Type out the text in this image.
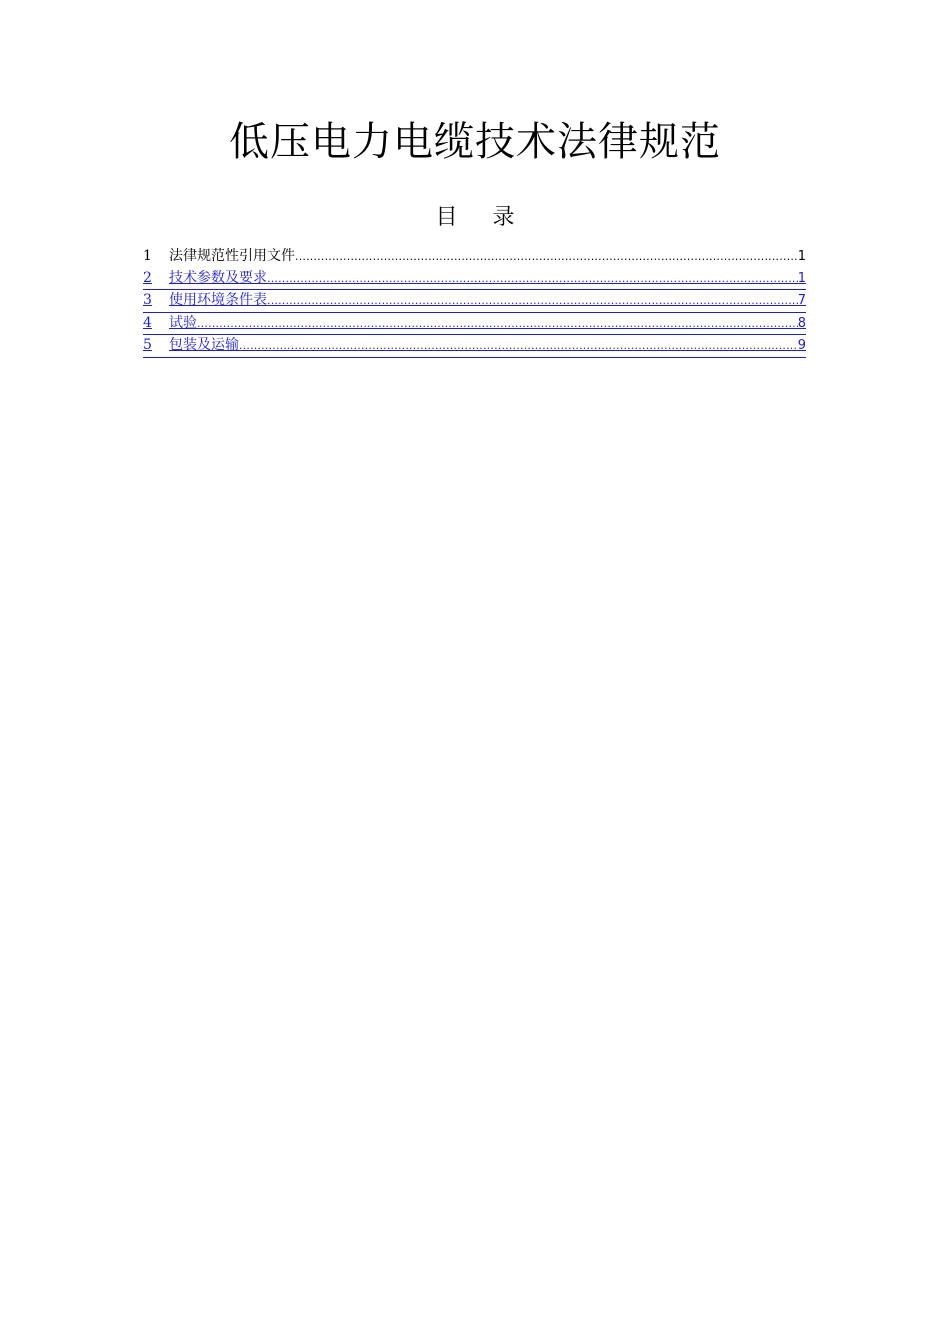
低压电力电缆技术法律规范
目 录
1	法律规范性引用文件 .....	1
2	技术参数及要求 .....	1
3	使用环境条件表 .....	7
4	试验 .....	8
5	包装及运输 .....	9
